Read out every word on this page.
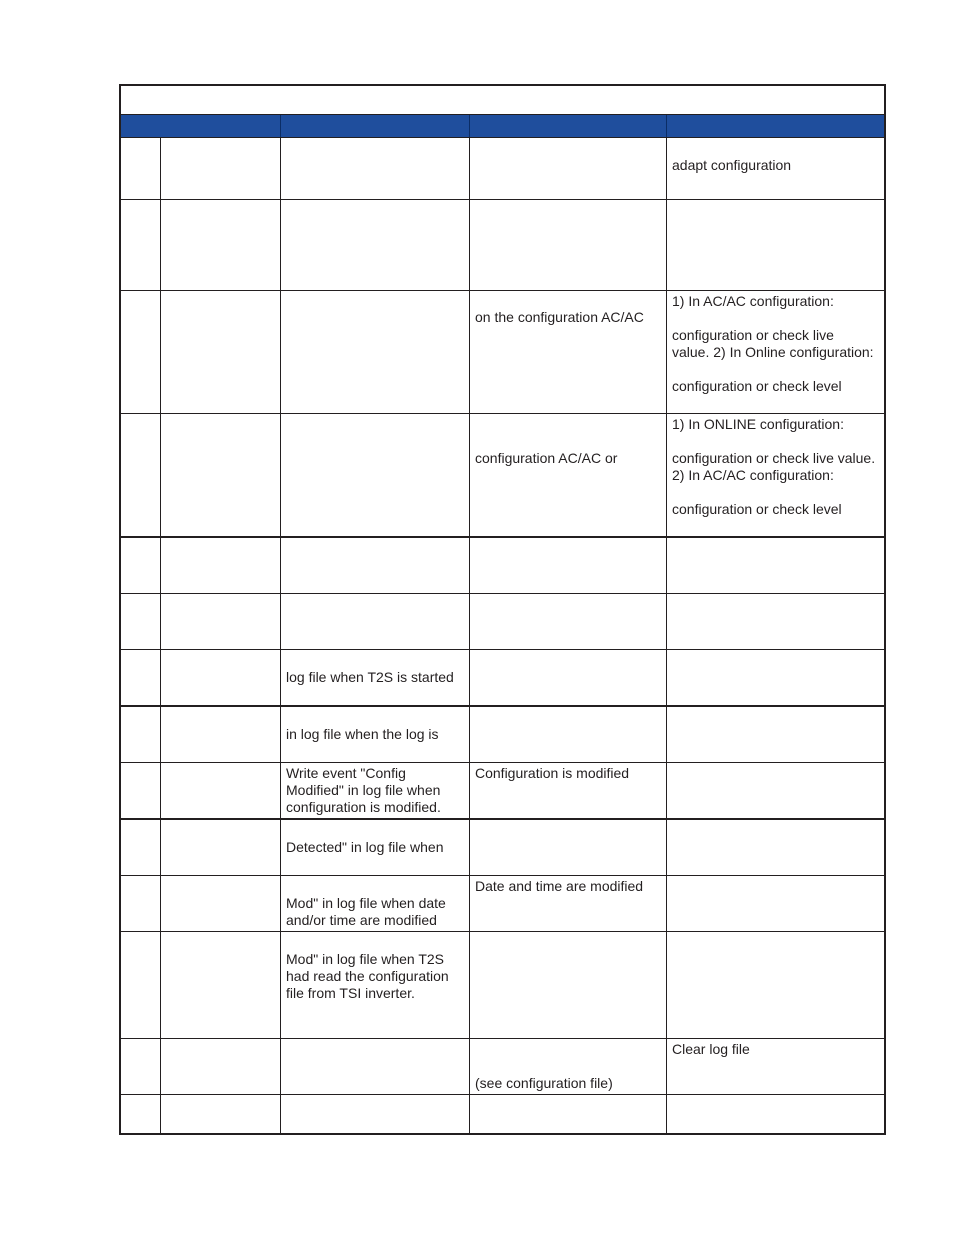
adapt configuration
on the configuration AC/AC
1) In AC/AC configuration:
configuration or check live
value. 2) In Online configuration:
configuration or check level
configuration AC/AC or
1) In ONLINE configuration:
configuration or check live value.
2) In AC/AC configuration:
configuration or check level
log file when T2S is started
in log file when the log is
Write event "Config
Modified" in log file when
configuration is modified.
Configuration is modified
Detected" in log file when
Mod" in log file when date
and/or time are modified
Date and time are modified
Mod" in log file when T2S
had read the configuration
file from TSI inverter.
(see configuration file)
Clear log file
